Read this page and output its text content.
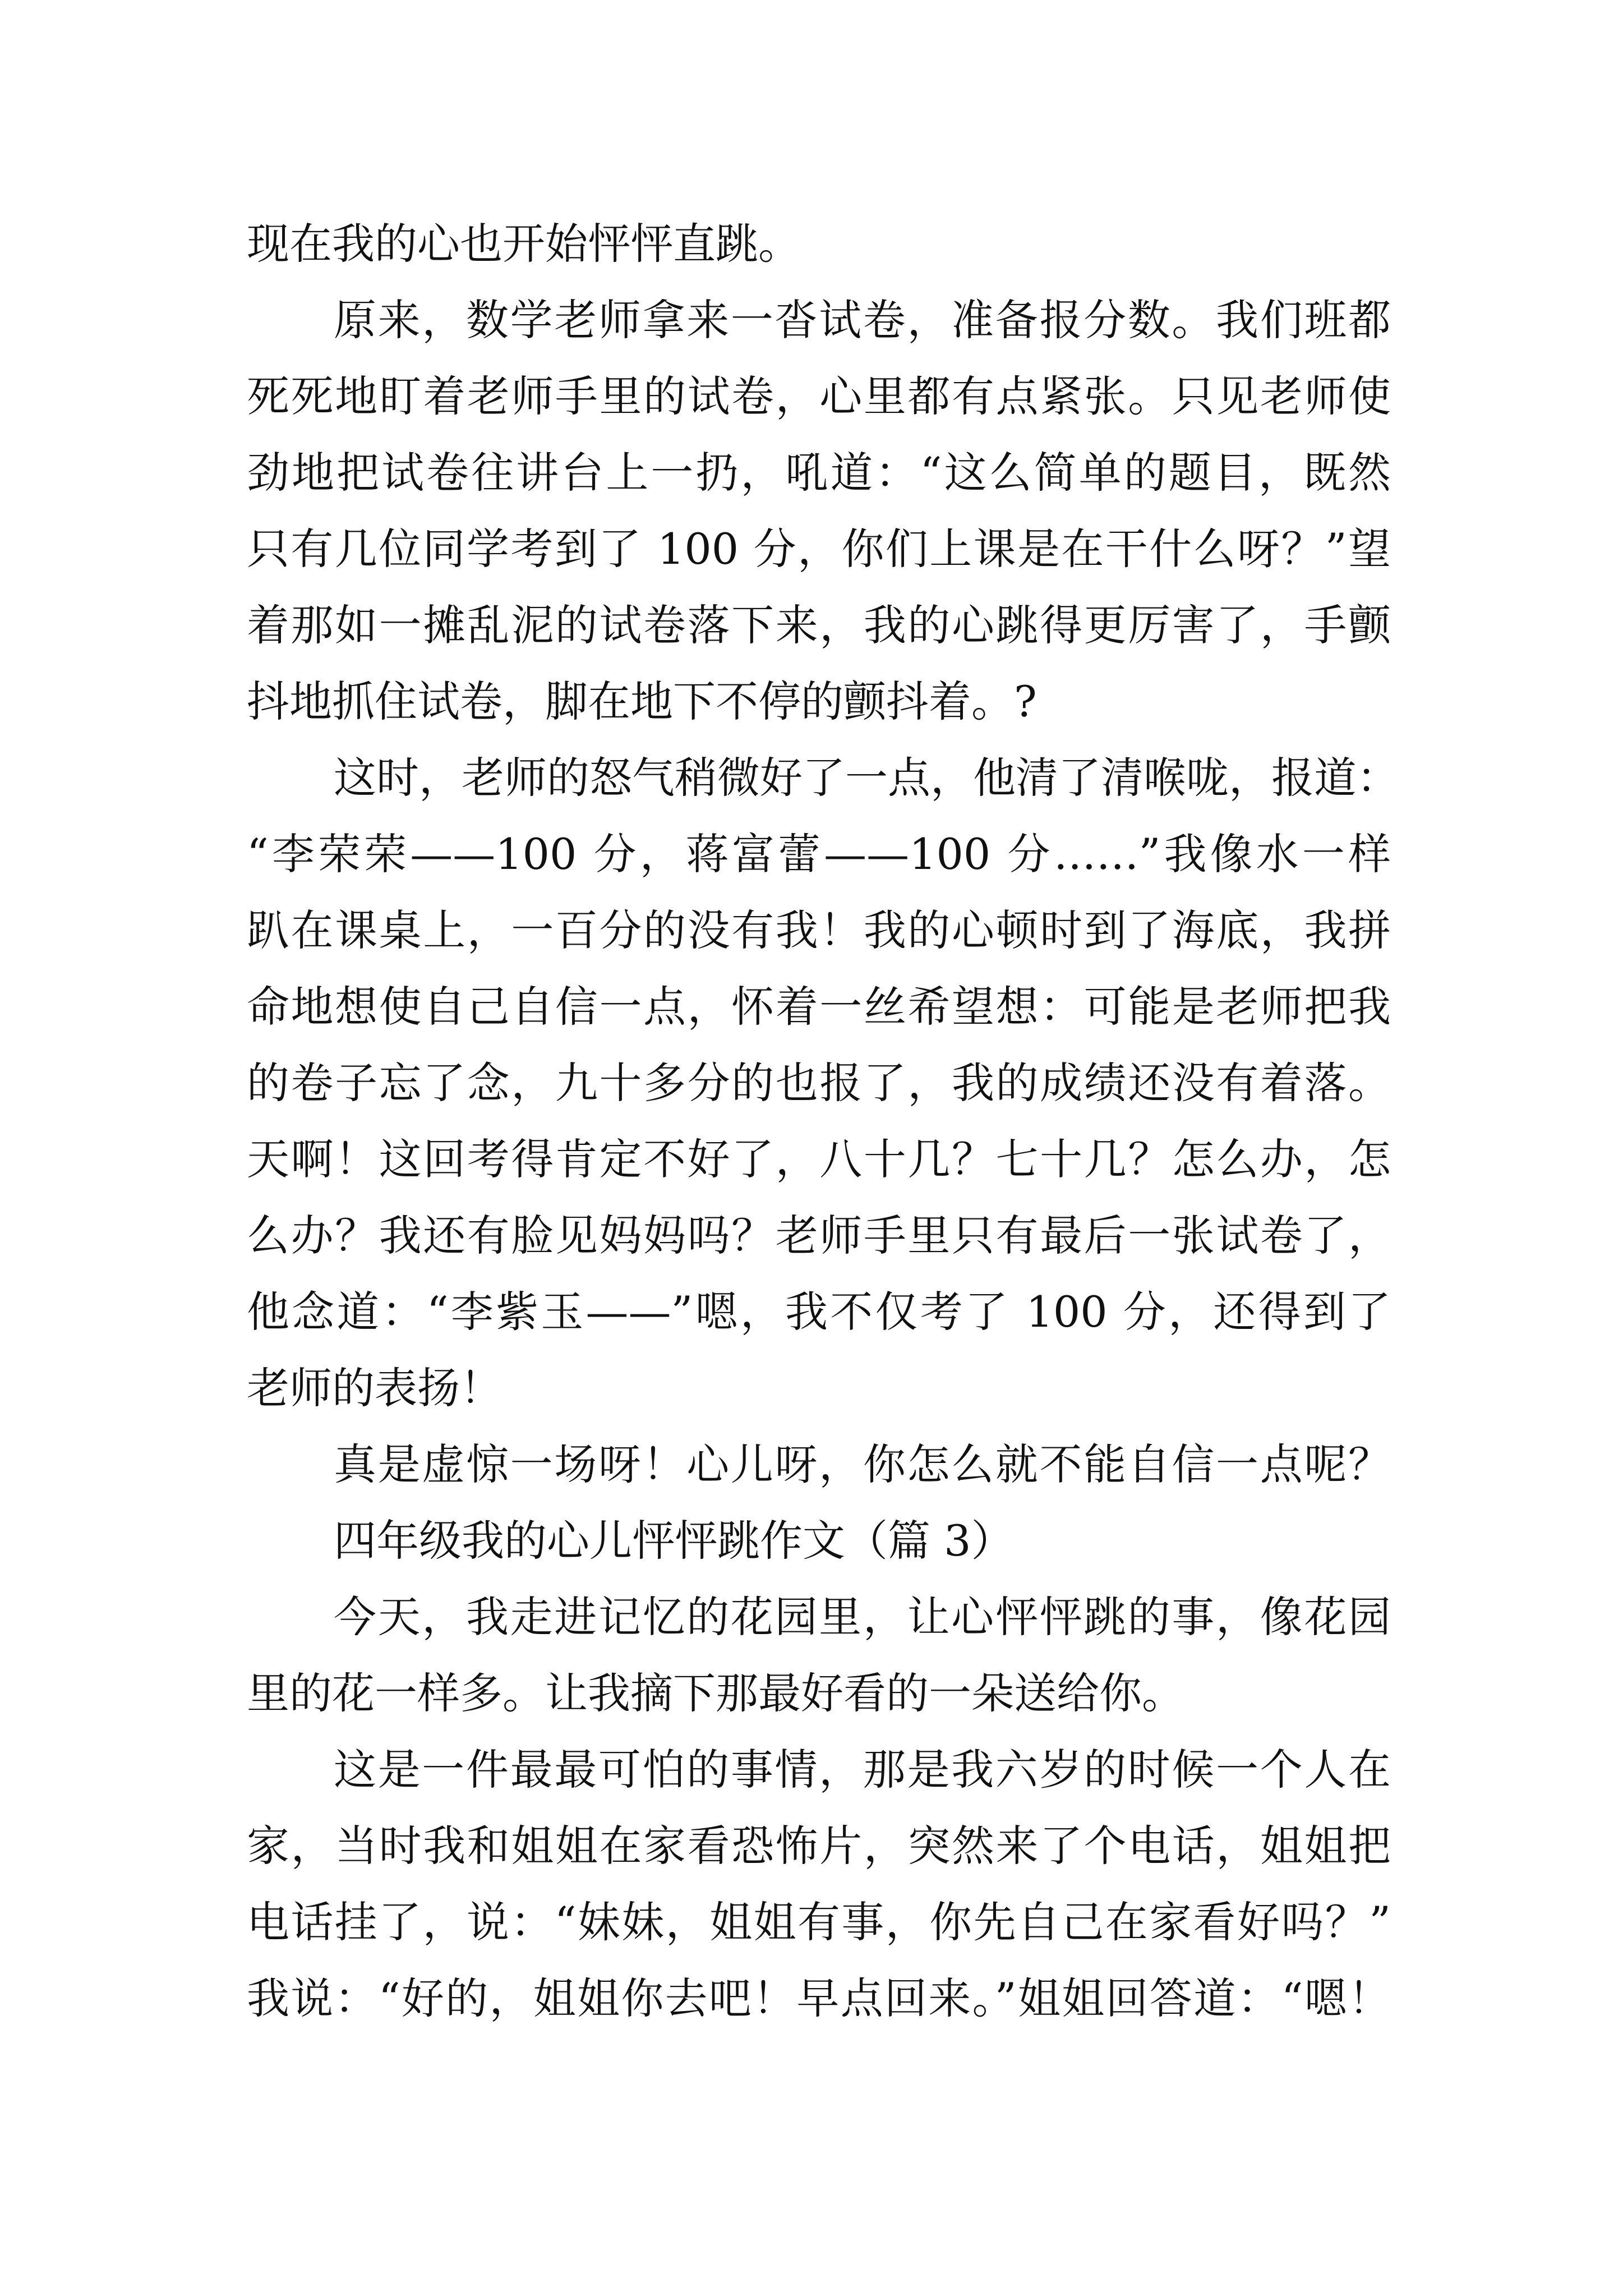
现在我的心也开始怦怦直跳。
原来，数学老师拿来一沓试卷，准备报分数。我们班都
死死地盯着老师手里的试卷，心里都有点紧张。只见老师使
劲地把试卷往讲台上一扔，吼道：“这么简单的题目，既然
只有几位同学考到了 100 分，你们上课是在干什么呀？”望
着那如一摊乱泥的试卷落下来，我的心跳得更厉害了，手颤
抖地抓住试卷，脚在地下不停的颤抖着。?
这时，老师的怒气稍微好了一点，他清了清喉咙，报道：
“李荣荣——100 分，蒋富蕾——100 分……”我像水一样
趴在课桌上，一百分的没有我！我的心顿时到了海底，我拼
命地想使自己自信一点，怀着一丝希望想：可能是老师把我
的卷子忘了念，九十多分的也报了，我的成绩还没有着落。
天啊！这回考得肯定不好了，八十几？七十几？怎么办，怎
么办？我还有脸见妈妈吗？老师手里只有最后一张试卷了，
他念道：“李紫玉——”嗯，我不仅考了 100 分，还得到了
老师的表扬！
真是虚惊一场呀！心儿呀，你怎么就不能自信一点呢？
四年级我的心儿怦怦跳作文（篇 3）
今天，我走进记忆的花园里，让心怦怦跳的事，像花园
里的花一样多。让我摘下那最好看的一朵送给你。
这是一件最最可怕的事情，那是我六岁的时候一个人在
家，当时我和姐姐在家看恐怖片，突然来了个电话，姐姐把
电话挂了，说：“妹妹，姐姐有事，你先自己在家看好吗？”
我说：“好的，姐姐你去吧！早点回来。”姐姐回答道：“嗯！
